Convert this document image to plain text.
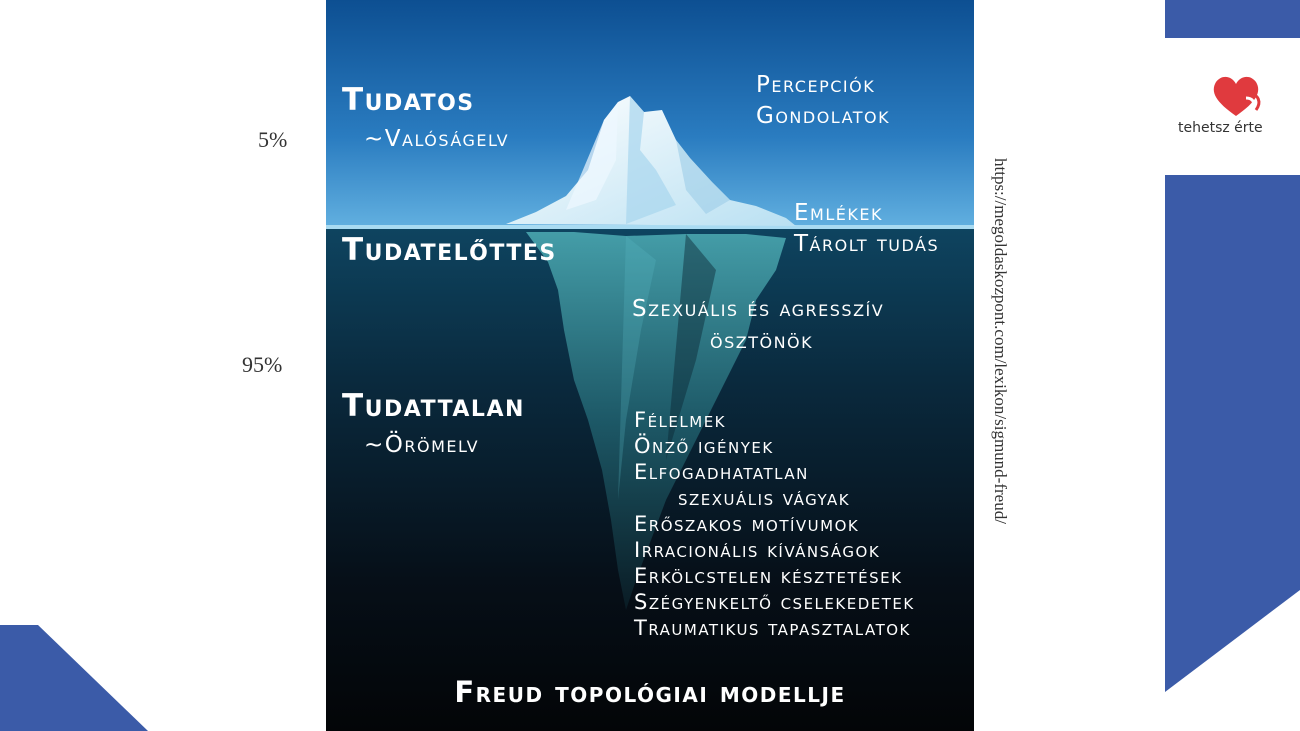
5%
95%
Tudatos
~Valóságelv
Percepciók
Gondolatok
Tudatelőttes
Emlékek
Tárolt tudás
Szexuális és agresszív
ösztönök
Tudattalan
~Örömelv
Félelmek
Önző igények
Elfogadhatatlan
szexuális vágyak
Erőszakos motívumok
Irracionális kívánságok
Erkölcstelen késztetések
Szégyenkeltő cselekedetek
Traumatikus tapasztalatok
Freud topológiai modellje
https://megoldaskozpont.com/lexikon/sigmund-freud/
tehetsz érte
